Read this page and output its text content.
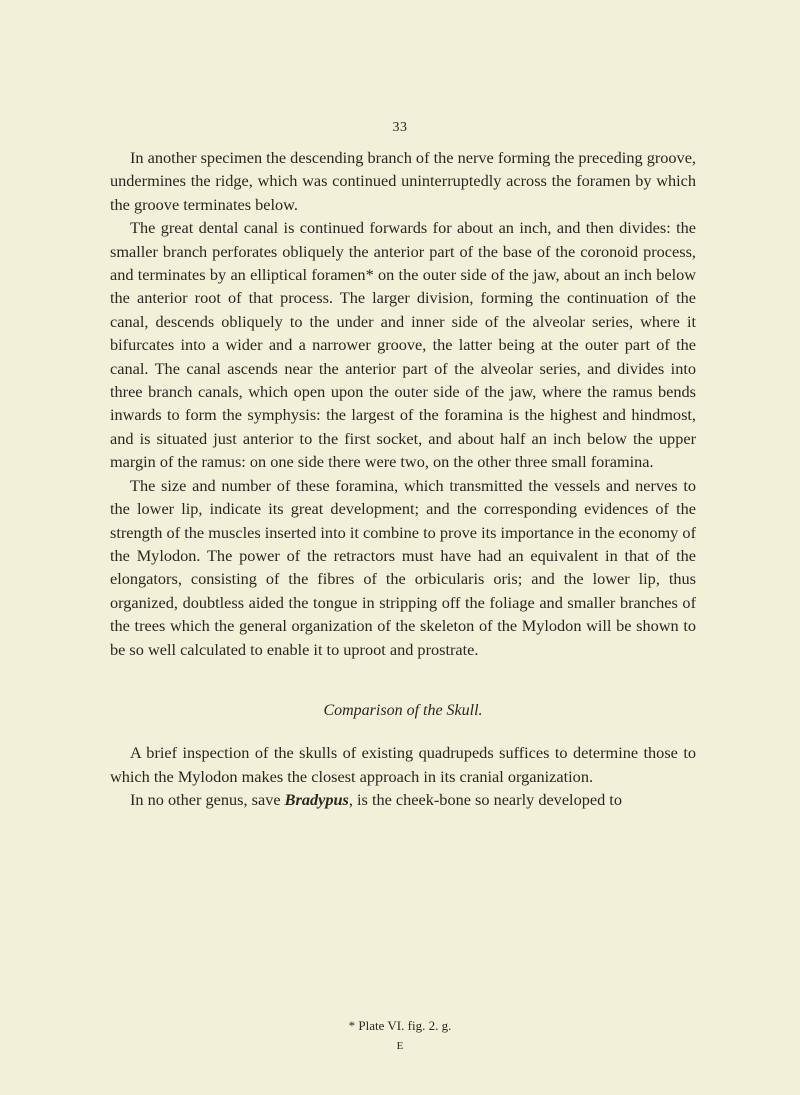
33

In another specimen the descending branch of the nerve forming the preceding groove, undermines the ridge, which was continued uninterruptedly across the foramen by which the groove terminates below.

The great dental canal is continued forwards for about an inch, and then divides: the smaller branch perforates obliquely the anterior part of the base of the coronoid process, and terminates by an elliptical foramen* on the outer side of the jaw, about an inch below the anterior root of that process. The larger division, forming the continuation of the canal, descends obliquely to the under and inner side of the alveolar series, where it bifurcates into a wider and a narrower groove, the latter being at the outer part of the canal. The canal ascends near the anterior part of the alveolar series, and divides into three branch canals, which open upon the outer side of the jaw, where the ramus bends inwards to form the symphysis: the largest of the foramina is the highest and hindmost, and is situated just anterior to the first socket, and about half an inch below the upper margin of the ramus: on one side there were two, on the other three small foramina.

The size and number of these foramina, which transmitted the vessels and nerves to the lower lip, indicate its great development; and the corresponding evidences of the strength of the muscles inserted into it combine to prove its importance in the economy of the Mylodon. The power of the retractors must have had an equivalent in that of the elongators, consisting of the fibres of the orbicularis oris; and the lower lip, thus organized, doubtless aided the tongue in stripping off the foliage and smaller branches of the trees which the general organization of the skeleton of the Mylodon will be shown to be so well calculated to enable it to uproot and prostrate.

Comparison of the Skull.

A brief inspection of the skulls of existing quadrupeds suffices to determine those to which the Mylodon makes the closest approach in its cranial organization.

In no other genus, save Bradypus, is the cheek-bone so nearly developed to

* Plate VI. fig. 2. g.
E
